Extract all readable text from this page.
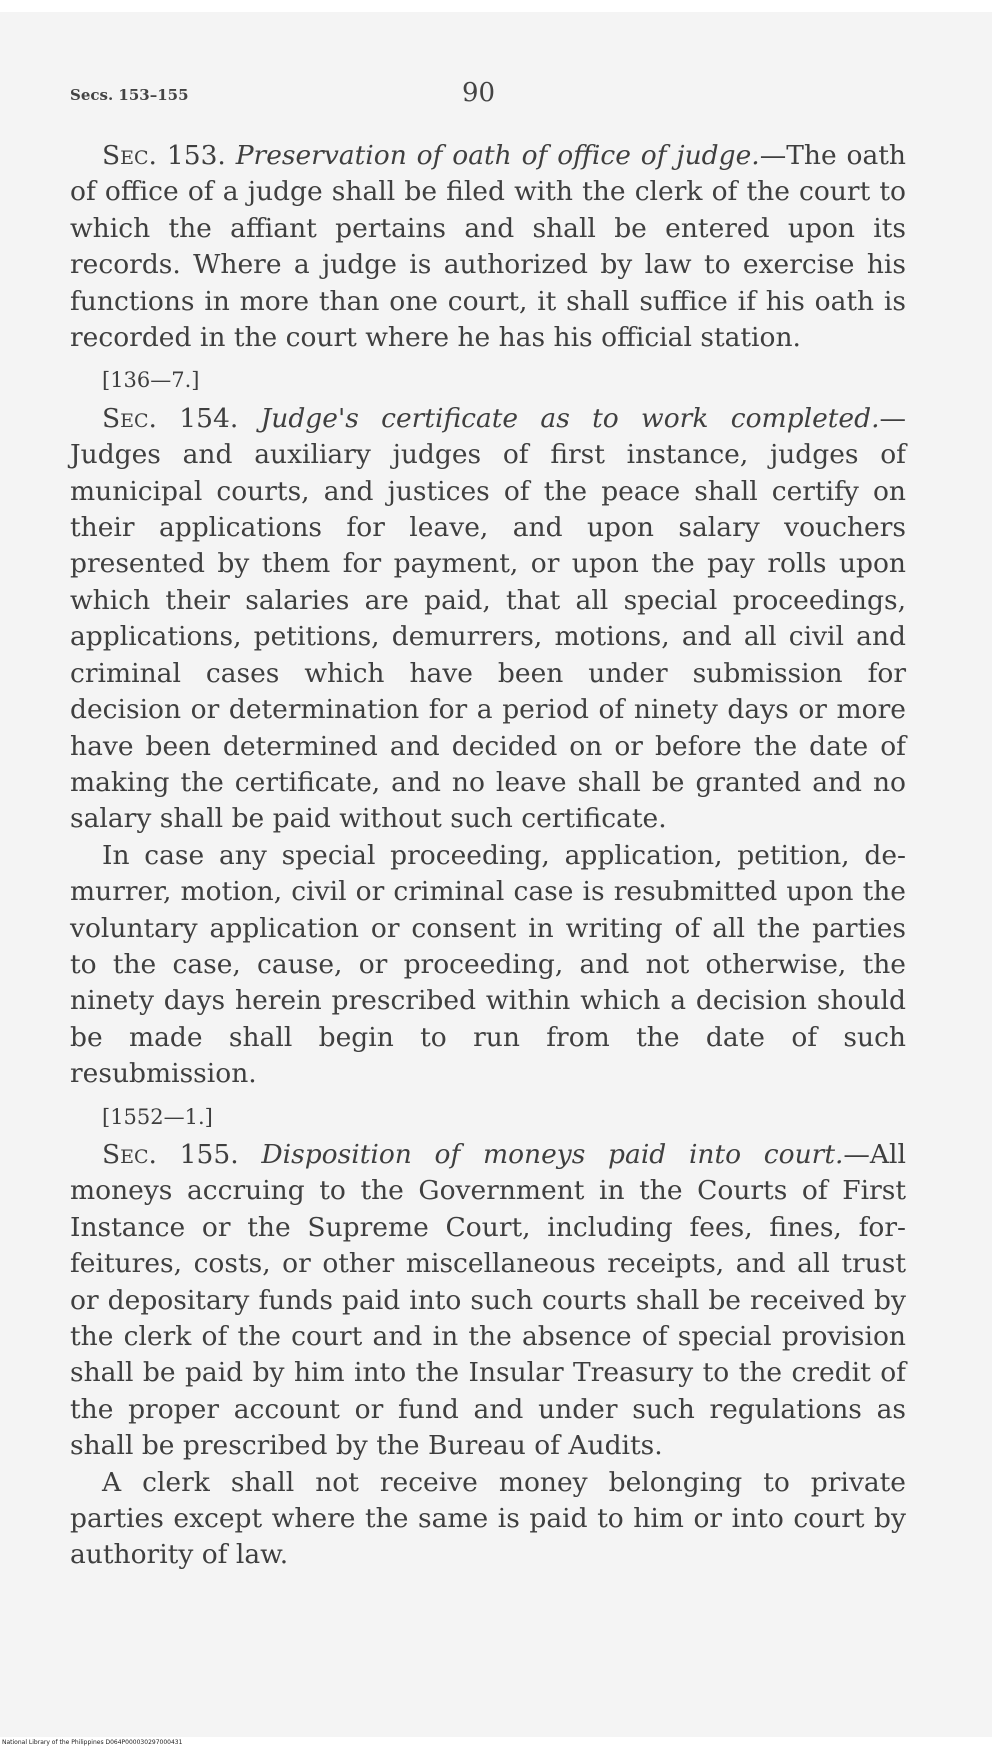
Secs. 153–155	90

Sec. 153. Preservation of oath of office of judge.—The oath of office of a judge shall be filed with the clerk of the court to which the affiant pertains and shall be entered upon its records. Where a judge is authorized by law to exercise his functions in more than one court, it shall suffice if his oath is recorded in the court where he has his official station.

[136—7.]

Sec. 154. Judge's certificate as to work completed.— Judges and auxiliary judges of first instance, judges of municipal courts, and justices of the peace shall certify on their applications for leave, and upon salary vouchers presented by them for payment, or upon the pay rolls upon which their salaries are paid, that all special proceedings, applications, petitions, demurrers, motions, and all civil and criminal cases which have been under submission for decision or determination for a period of ninety days or more have been determined and decided on or before the date of making the certificate, and no leave shall be granted and no salary shall be paid without such certificate.

In case any special proceeding, application, petition, demurrer, motion, civil or criminal case is resubmitted upon the voluntary application or consent in writing of all the parties to the case, cause, or proceeding, and not otherwise, the ninety days herein prescribed within which a decision should be made shall begin to run from the date of such resubmission.

[1552—1.]

Sec. 155. Disposition of moneys paid into court.—All moneys accruing to the Government in the Courts of First Instance or the Supreme Court, including fees, fines, forfeitures, costs, or other miscellaneous receipts, and all trust or depositary funds paid into such courts shall be received by the clerk of the court and in the absence of special provision shall be paid by him into the Insular Treasury to the credit of the proper account or fund and under such regulations as shall be prescribed by the Bureau of Audits.

A clerk shall not receive money belonging to private parties except where the same is paid to him or into court by authority of law.

National Library of the Philippines D064P000030297000431
